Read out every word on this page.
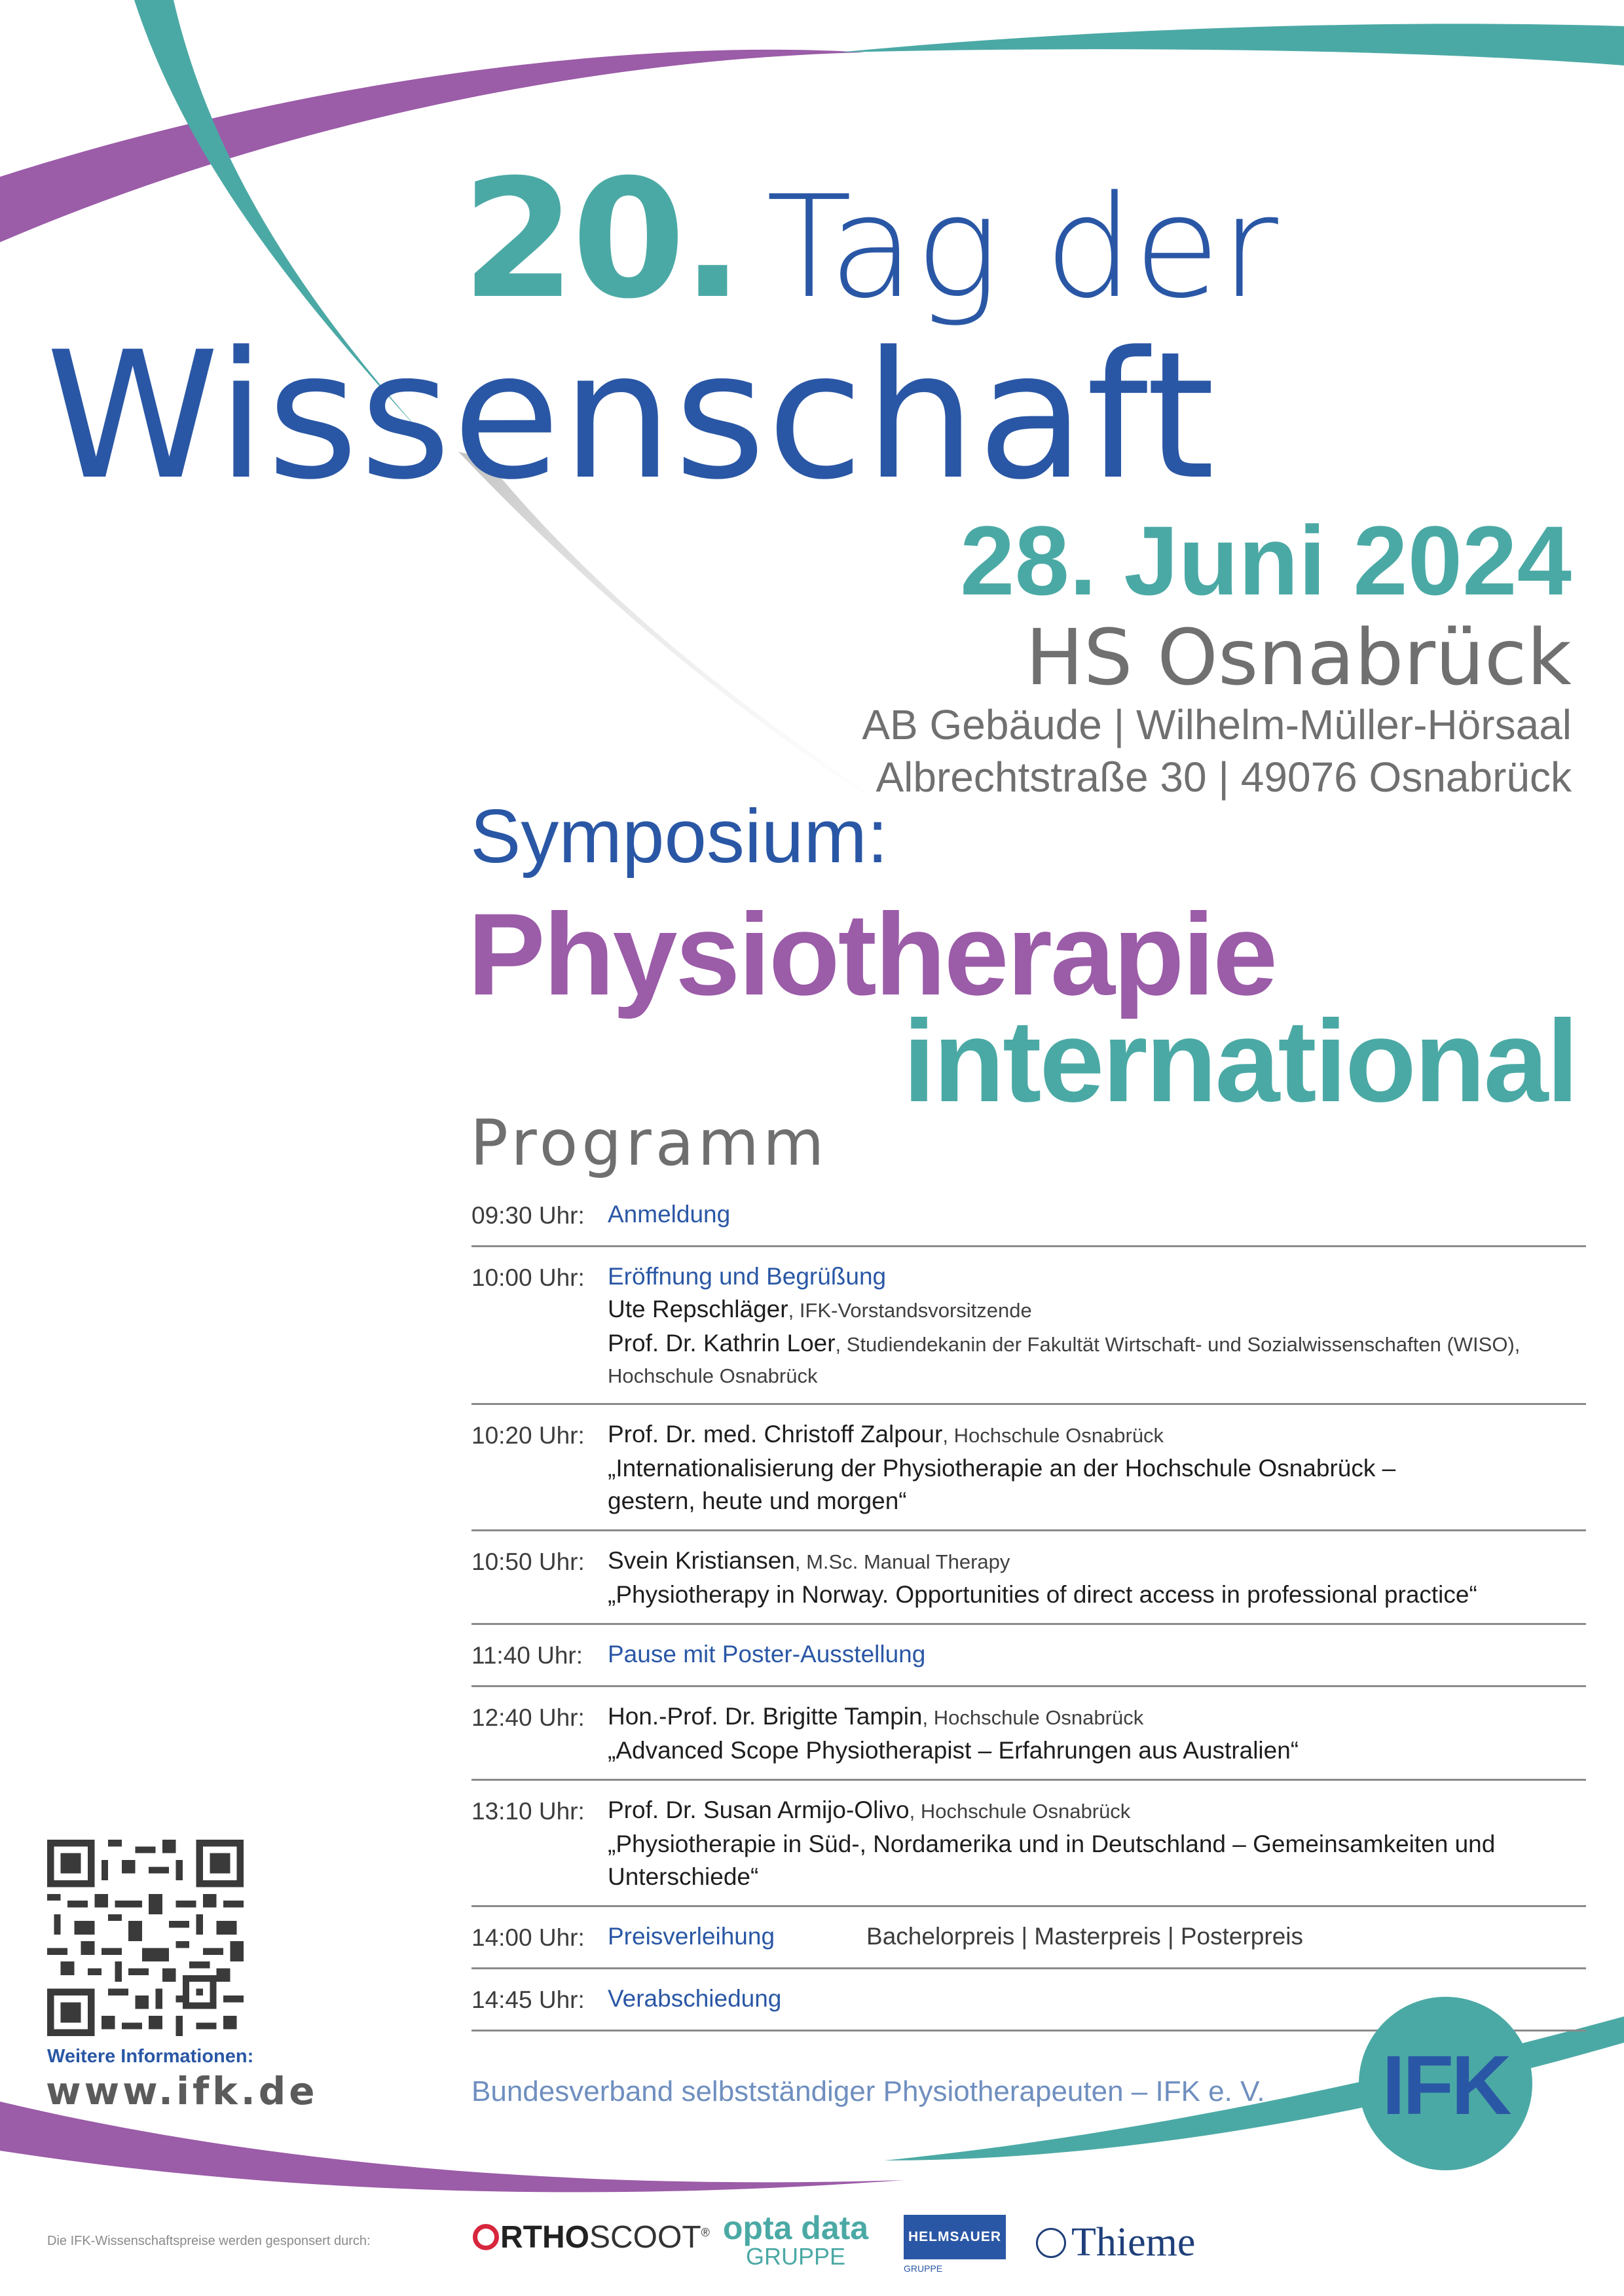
20. Tag der
Wissenschaft
28. Juni 2024
HS Osnabrück
AB Gebäude | Wilhelm-Müller-Hörsaal
Albrechtstraße 30 | 49076 Osnabrück
Symposium:
Physiotherapie
international
Programm
09:30 Uhr: Anmeldung
10:00 Uhr: Eröffnung und Begrüßung
Ute Repschläger, IFK-Vorstandsvorsitzende
Prof. Dr. Kathrin Loer, Studiendekanin der Fakultät Wirtschaft- und Sozialwissenschaften (WISO),
Hochschule Osnabrück
10:20 Uhr: Prof. Dr. med. Christoff Zalpour, Hochschule Osnabrück
„Internationalisierung der Physiotherapie an der Hochschule Osnabrück –
gestern, heute und morgen“
10:50 Uhr: Svein Kristiansen, M.Sc. Manual Therapy
„Physiotherapy in Norway. Opportunities of direct access in professional practice“
11:40 Uhr:	Pause mit Poster-Ausstellung
12:40 Uhr: Hon.-Prof. Dr. Brigitte Tampin, Hochschule Osnabrück
„Advanced Scope Physiotherapist – Erfahrungen aus Australien“
13:10 Uhr: Prof. Dr. Susan Armijo-Olivo, Hochschule Osnabrück
„Physiotherapie in Süd-, Nordamerika und in Deutschland – Gemeinsamkeiten und Unterschiede“
14:00 Uhr: Preisverleihung	Bachelorpreis | Masterpreis | Posterpreis
14:45 Uhr: Verabschiedung
Weitere Informationen:
www.ifk.de	Bundesverband selbstständiger Physiotherapeuten – IFK e. V. IFK
Die IFK-Wissenschaftspreise werden gesponsert durch:	RTHOSCOOT® opta data
GRUPPE
HELMSAUER
GRUPPE
Thieme
